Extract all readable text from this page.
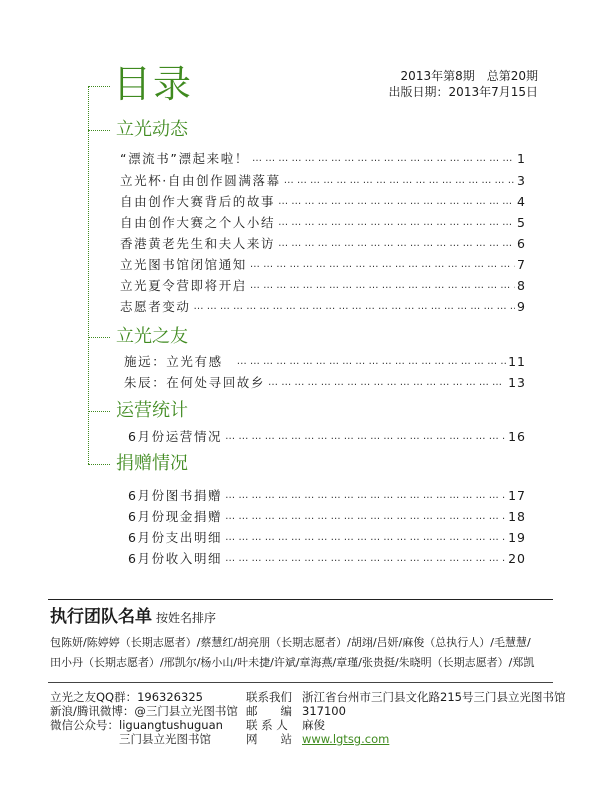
目录	2013年第8期　总第20期
出版日期：2013年7月15日
立光动态
“漂流书”漂起来啦！ … … … … … … … … … … … … … … … … … … … … … … … … … … … … … … … … … … … … … … … … … … … … … … … … … … … … … … … …	1
立光杯·自由创作圆满落幕 … … … … … … … … … … … … … … … … … … … … … … … … … … … … … … … … … … … … … … … … … … … … … … … … … … … … … … … …	3
自由创作大赛背后的故事 … … … … … … … … … … … … … … … … … … … … … … … … … … … … … … … … … … … … … … … … … … … … … … … … … … … … … … … …	4
自由创作大赛之个人小结 … … … … … … … … … … … … … … … … … … … … … … … … … … … … … … … … … … … … … … … … … … … … … … … … … … … … … … … …	5
香港黄老先生和夫人来访 … … … … … … … … … … … … … … … … … … … … … … … … … … … … … … … … … … … … … … … … … … … … … … … … … … … … … … … …	6
立光图书馆闭馆通知 … … … … … … … … … … … … … … … … … … … … … … … … … … … … … … … … … … … … … … … … … … … … … … … … … … … … … … … …	7
立光夏令营即将开启 … … … … … … … … … … … … … … … … … … … … … … … … … … … … … … … … … … … … … … … … … … … … … … … … … … … … … … … …	8
志愿者变动 … … … … … … … … … … … … … … … … … … … … … … … … … … … … … … … … … … … … … … … … … … … … … … … … … … … … … … … …	9
立光之友
施远：立光有感 … … … … … … … … … … … … … … … … … … … … … … … … … … … … … … … … … … … … … … … … … … … … … … … … … … … … … … … …	11
朱辰：在何处寻回故乡 … … … … … … … … … … … … … … … … … … … … … … … … … … … … … … … … … … … … … … … … … … … … … … … … … … … … … … … …	13
运营统计
6月份运营情况 … … … … … … … … … … … … … … … … … … … … … … … … … … … … … … … … … … … … … … … … … … … … … … … … … … … … … … … …	16
捐赠情况
6月份图书捐赠 … … … … … … … … … … … … … … … … … … … … … … … … … … … … … … … … … … … … … … … … … … … … … … … … … … … … … … … …	17
6月份现金捐赠 … … … … … … … … … … … … … … … … … … … … … … … … … … … … … … … … … … … … … … … … … … … … … … … … … … … … … … … …	18
6月份支出明细 … … … … … … … … … … … … … … … … … … … … … … … … … … … … … … … … … … … … … … … … … … … … … … … … … … … … … … … …	19
6月份收入明细 … … … … … … … … … … … … … … … … … … … … … … … … … … … … … … … … … … … … … … … … … … … … … … … … … … … … … … … …	20
执行团队名单 按姓名排序
包陈妍/陈婷婷（长期志愿者）/蔡慧红/胡亮朋（长期志愿者）/胡翊/吕妍/麻俊（总执行人）/毛慧慧/
田小丹（长期志愿者）/邢凯尔/杨小山/叶未捷/许斌/章海燕/章瑾/张贵挺/朱晓明（长期志愿者）/郑凯
立光之友QQ群：196326325
新浪/腾讯微博：@三门县立光图书馆
微信公众号：liguangtushuguan
　　　　　　三门县立光图书馆
联系我们 浙江省台州市三门县文化路215号三门县立光图书馆
邮　　编 317100
联 系 人 麻俊
网　　站 www.lgtsg.com
